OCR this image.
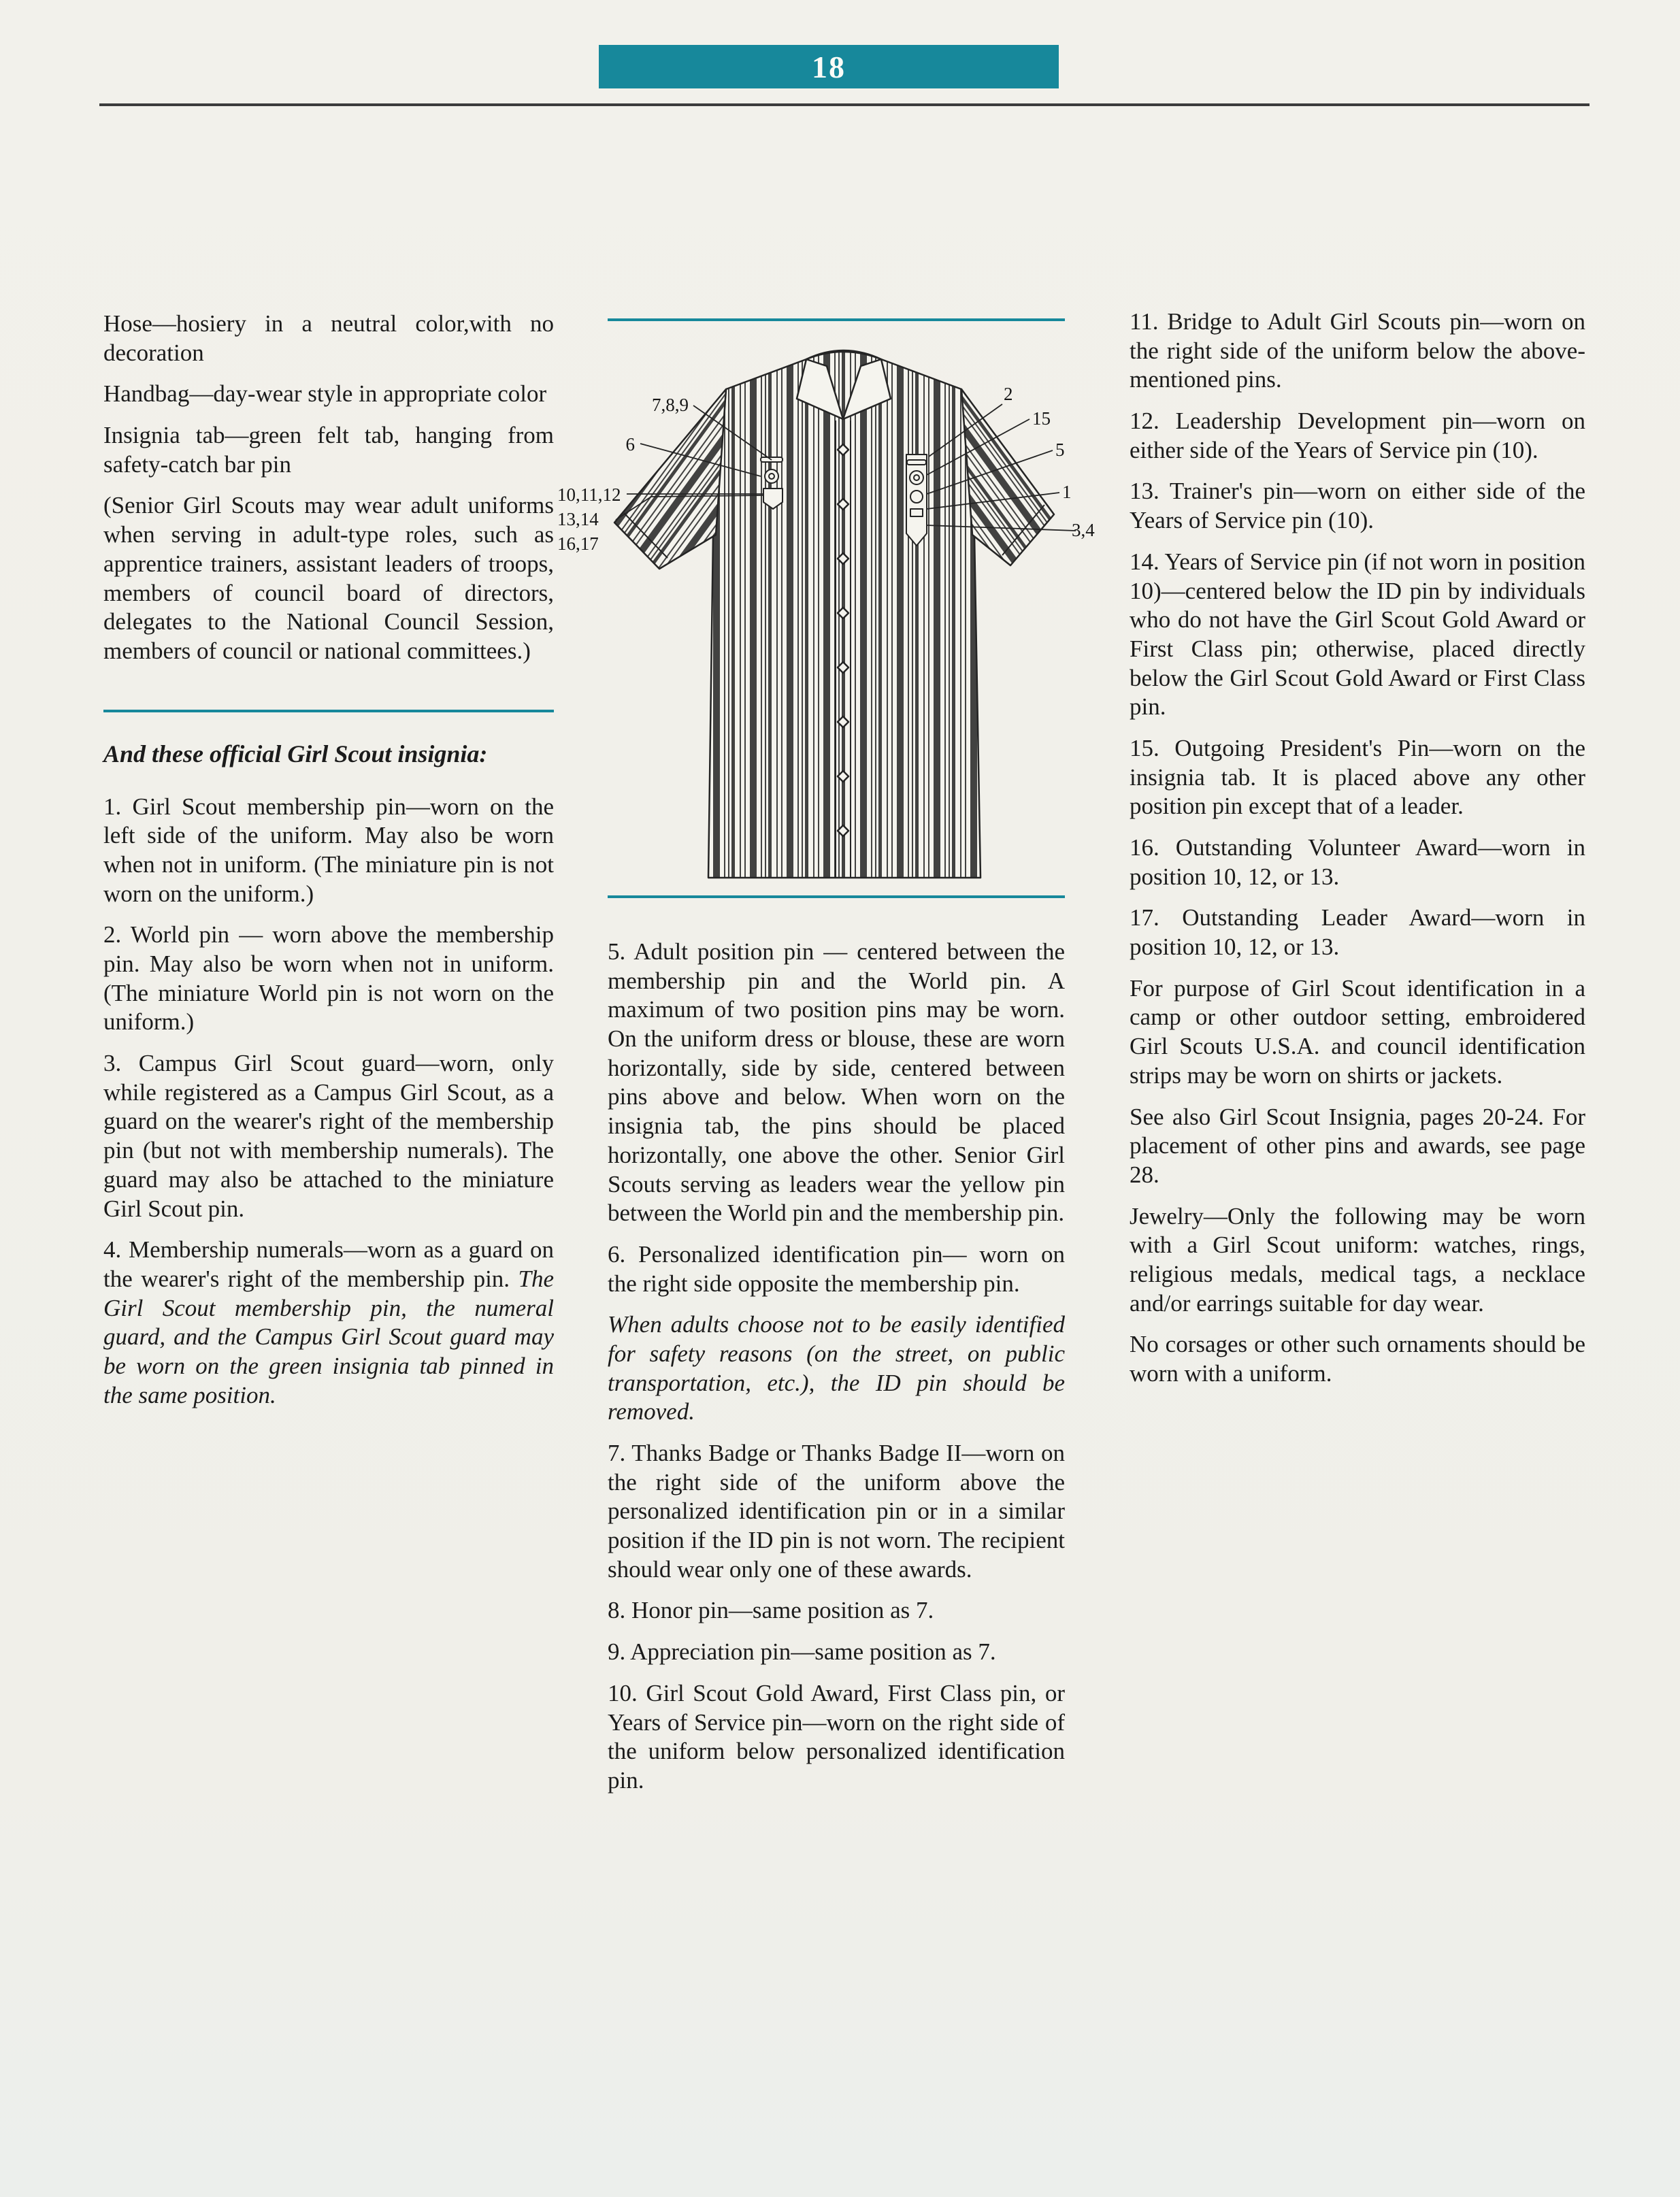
18

Hose—hosiery in a neutral color,with no decoration

Handbag—day-wear style in appropriate color

Insignia tab—green felt tab, hanging from safety-catch bar pin

(Senior Girl Scouts may wear adult uniforms when serving in adult-type roles, such as apprentice trainers, assistant leaders of troops, members of council board of directors, delegates to the National Council Session, members of council or national committees.)

And these official Girl Scout insignia:

1. Girl Scout membership pin—worn on the left side of the uniform. May also be worn when not in uniform. (The miniature pin is not worn on the uniform.)

2. World pin — worn above the membership pin. May also be worn when not in uniform. (The miniature World pin is not worn on the uniform.)

3. Campus Girl Scout guard—worn, only while registered as a Campus Girl Scout, as a guard on the wearer's right of the membership pin (but not with membership numerals). The guard may also be attached to the miniature Girl Scout pin.

4. Membership numerals—worn as a guard on the wearer's right of the membership pin. The Girl Scout membership pin, the numeral guard, and the Campus Girl Scout guard may be worn on the green insignia tab pinned in the same position.

7,8,9
6
10,11,12
13,14
16,17
2
15
5
1
3,4

5. Adult position pin — centered between the membership pin and the World pin. A maximum of two position pins may be worn. On the uniform dress or blouse, these are worn horizontally, side by side, centered between pins above and below. When worn on the insignia tab, the pins should be placed horizontally, one above the other. Senior Girl Scouts serving as leaders wear the yellow pin between the World pin and the membership pin.

6. Personalized identification pin— worn on the right side opposite the membership pin.

When adults choose not to be easily identified for safety reasons (on the street, on public transportation, etc.), the ID pin should be removed.

7. Thanks Badge or Thanks Badge II—worn on the right side of the uniform above the personalized identification pin or in a similar position if the ID pin is not worn. The recipient should wear only one of these awards.

8. Honor pin—same position as 7.

9. Appreciation pin—same position as 7.

10. Girl Scout Gold Award, First Class pin, or Years of Service pin—worn on the right side of the uniform below personalized identification pin.

11. Bridge to Adult Girl Scouts pin—worn on the right side of the uniform below the above-mentioned pins.

12. Leadership Development pin—worn on either side of the Years of Service pin (10).

13. Trainer's pin—worn on either side of the Years of Service pin (10).

14. Years of Service pin (if not worn in position 10)—centered below the ID pin by individuals who do not have the Girl Scout Gold Award or First Class pin; otherwise, placed directly below the Girl Scout Gold Award or First Class pin.

15. Outgoing President's Pin—worn on the insignia tab. It is placed above any other position pin except that of a leader.

16. Outstanding Volunteer Award—worn in position 10, 12, or 13.

17. Outstanding Leader Award—worn in position 10, 12, or 13.

For purpose of Girl Scout identification in a camp or other outdoor setting, embroidered Girl Scouts U.S.A. and council identification strips may be worn on shirts or jackets.

See also Girl Scout Insignia, pages 20-24. For placement of other pins and awards, see page 28.

Jewelry—Only the following may be worn with a Girl Scout uniform: watches, rings, religious medals, medical tags, a necklace and/or earrings suitable for day wear.

No corsages or other such ornaments should be worn with a uniform.
